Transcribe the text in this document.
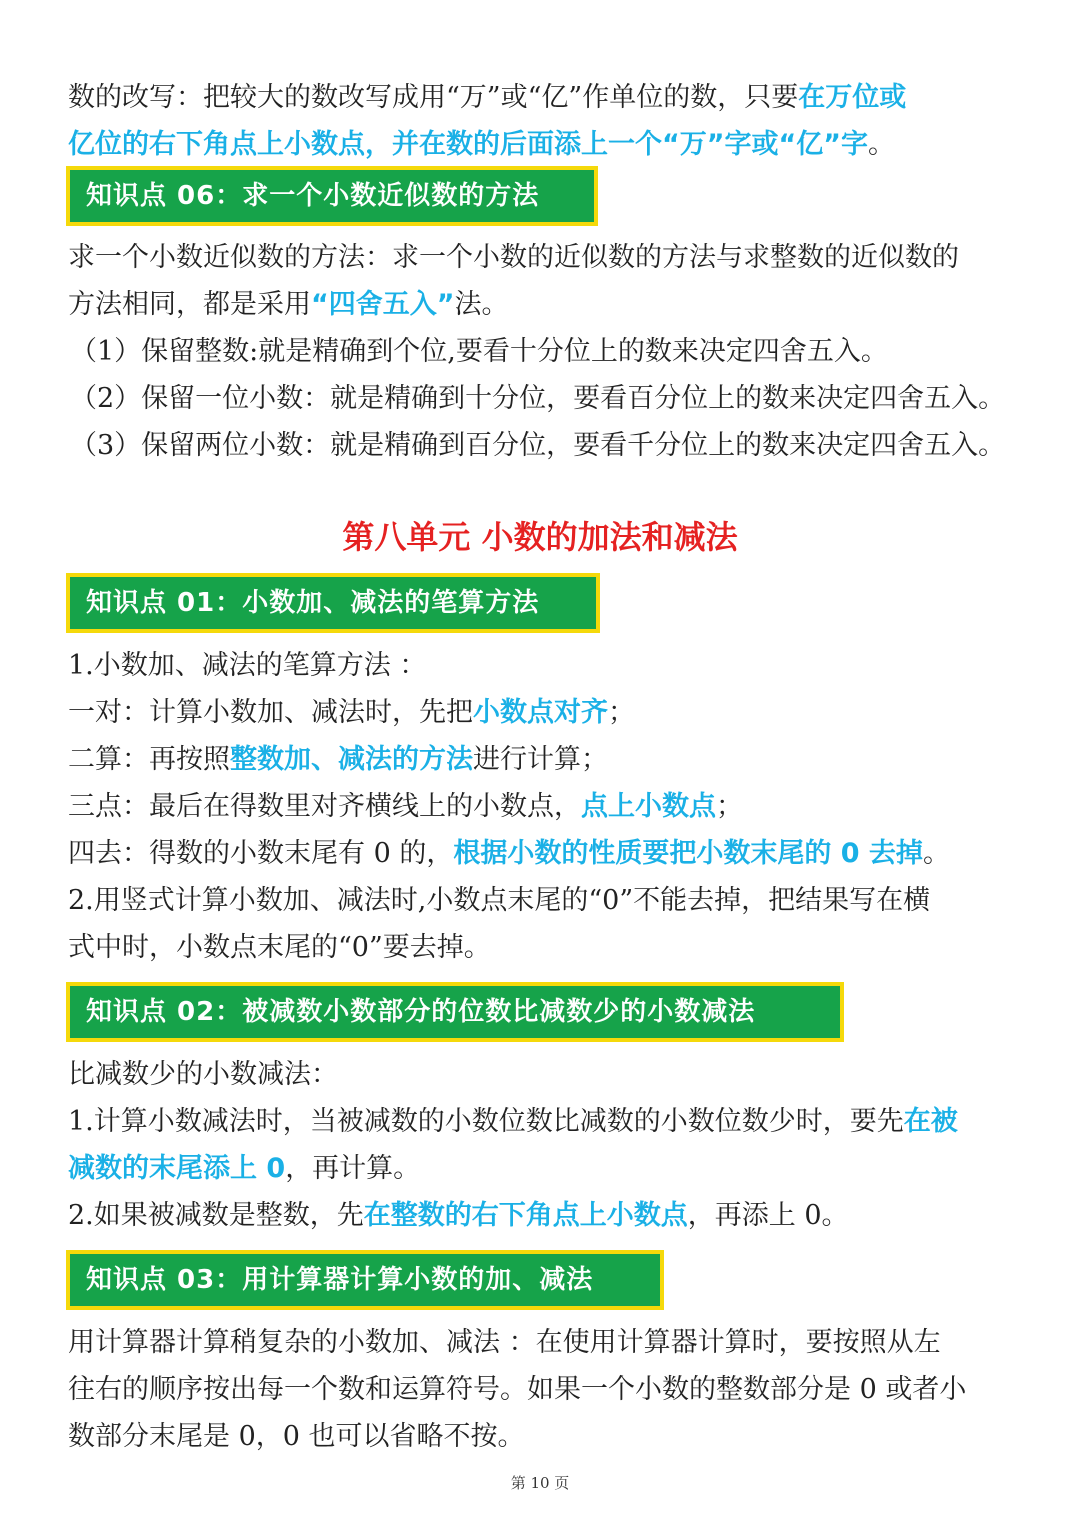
数的改写：把较大的数改写成用“万”或“亿”作单位的数，只要在万位或
亿位的右下角点上小数点，并在数的后面添上一个“万”字或“亿”字。
知识点 06：求一个小数近似数的方法
求一个小数近似数的方法：求一个小数的近似数的方法与求整数的近似数的
方法相同，都是采用“四舍五入”法。
（1）保留整数:就是精确到个位,要看十分位上的数来决定四舍五入。
（2）保留一位小数：就是精确到十分位，要看百分位上的数来决定四舍五入。
（3）保留两位小数：就是精确到百分位，要看千分位上的数来决定四舍五入。
第八单元 小数的加法和减法
知识点 01：小数加、减法的笔算方法
1.小数加、减法的笔算方法 ：
一对：计算小数加、减法时，先把小数点对齐；
二算：再按照整数加、减法的方法进行计算；
三点：最后在得数里对齐横线上的小数点，点上小数点；
四去：得数的小数末尾有 0 的，根据小数的性质要把小数末尾的 0 去掉。
2.用竖式计算小数加、减法时,小数点末尾的“0”不能去掉，把结果写在横
式中时，小数点末尾的“0”要去掉。
知识点 02：被减数小数部分的位数比减数少的小数减法
比减数少的小数减法：
1.计算小数减法时，当被减数的小数位数比减数的小数位数少时，要先在被
减数的末尾添上 0，再计算。
2.如果被减数是整数，先在整数的右下角点上小数点，再添上 0。
知识点 03：用计算器计算小数的加、减法
用计算器计算稍复杂的小数加、减法 ：在使用计算器计算时，要按照从左
往右的顺序按出每一个数和运算符号。如果一个小数的整数部分是 0 或者小
数部分末尾是 0，0 也可以省略不按。
第 10 页
